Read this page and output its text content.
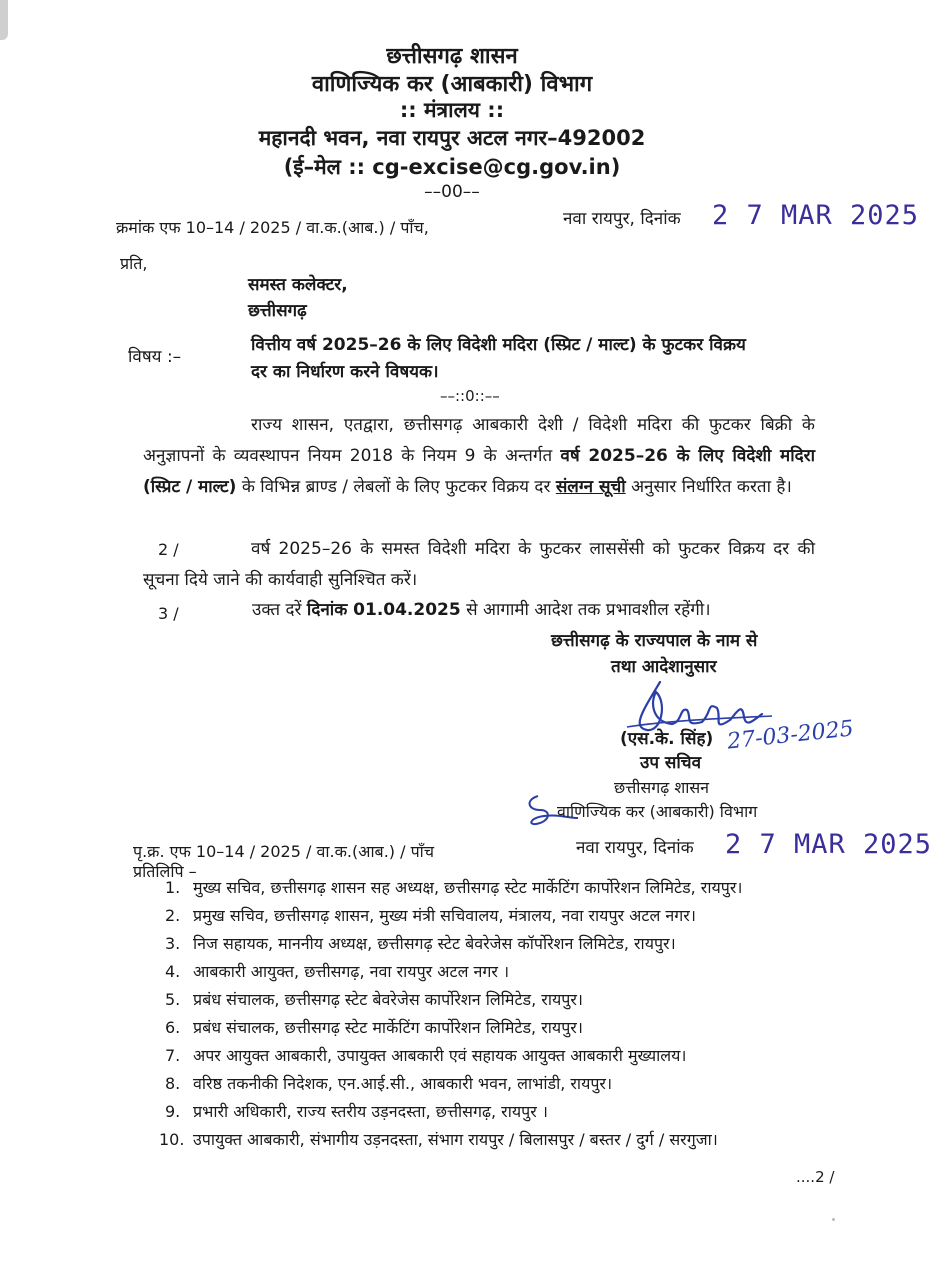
छत्तीसगढ़ शासन
वाणिज्यिक कर (आबकारी) विभाग
:: मंत्रालय ::
महानदी भवन, नवा रायपुर अटल नगर–492002
(ई–मेल :: cg-excise@cg.gov.in)
––00––
क्रमांक एफ 10–14 / 2025 / वा.क.(आब.) / पाँच,	नवा रायपुर, दिनांक 2 7 MAR 2025
प्रति,
समस्त कलेक्टर,
छत्तीसगढ़
विषय :–
वित्तीय वर्ष 2025–26 के लिए विदेशी मदिरा (स्प्रिट / माल्ट) के फुटकर विक्रय
दर का निर्धारण करने विषयक।
––::0::––
राज्य शासन, एतद्वारा, छत्तीसगढ़ आबकारी देशी / विदेशी मदिरा की फुटकर बिक्री के अनुज्ञापनों के व्यवस्थापन नियम 2018 के नियम 9 के अन्तर्गत वर्ष 2025–26 के लिए विदेशी मदिरा (स्प्रिट / माल्ट) के विभिन्न ब्राण्ड / लेबलों के लिए फुटकर विक्रय दर संलग्न सूची अनुसार निर्धारित करता है।
2 /	वर्ष 2025–26 के समस्त विदेशी मदिरा के फुटकर लाससेंसी को फुटकर विक्रय दर की सूचना दिये जाने की कार्यवाही सुनिश्चित करें।
3 /	उक्त दरें दिनांक 01.04.2025 से आगामी आदेश तक प्रभावशील रहेंगी।
छत्तीसगढ़ के राज्यपाल के नाम से
तथा आदेशानुसार
(एस.के. सिंह) 27-03-2025
उप सचिव
छत्तीसगढ़ शासन
वाणिज्यिक कर (आबकारी) विभाग
पृ.क्र. एफ 10–14 / 2025 / वा.क.(आब.) / पाँच	नवा रायपुर, दिनांक 2 7 MAR 2025
प्रतिलिपि –
1. मुख्य सचिव, छत्तीसगढ़ शासन सह अध्यक्ष, छत्तीसगढ़ स्टेट मार्केटिंग कार्पोरेशन लिमिटेड, रायपुर।
2. प्रमुख सचिव, छत्तीसगढ़ शासन, मुख्य मंत्री सचिवालय, मंत्रालय, नवा रायपुर अटल नगर।
3. निज सहायक, माननीय अध्यक्ष, छत्तीसगढ़ स्टेट बेवरेजेस कॉर्पोरेशन लिमिटेड, रायपुर।
4. आबकारी आयुक्त, छत्तीसगढ़, नवा रायपुर अटल नगर ।
5. प्रबंध संचालक, छत्तीसगढ़ स्टेट बेवरेजेस कार्पोरेशन लिमिटेड, रायपुर।
6. प्रबंध संचालक, छत्तीसगढ़ स्टेट मार्केटिंग कार्पोरेशन लिमिटेड, रायपुर।
7. अपर आयुक्त आबकारी, उपायुक्त आबकारी एवं सहायक आयुक्त आबकारी मुख्यालय।
8. वरिष्ठ तकनीकी निदेशक, एन.आई.सी., आबकारी भवन, लाभांडी, रायपुर।
9. प्रभारी अधिकारी, राज्य स्तरीय उड़नदस्ता, छत्तीसगढ़, रायपुर ।
10. उपायुक्त आबकारी, संभागीय उड़नदस्ता, संभाग रायपुर / बिलासपुर / बस्तर / दुर्ग / सरगुजा।
....2 /
